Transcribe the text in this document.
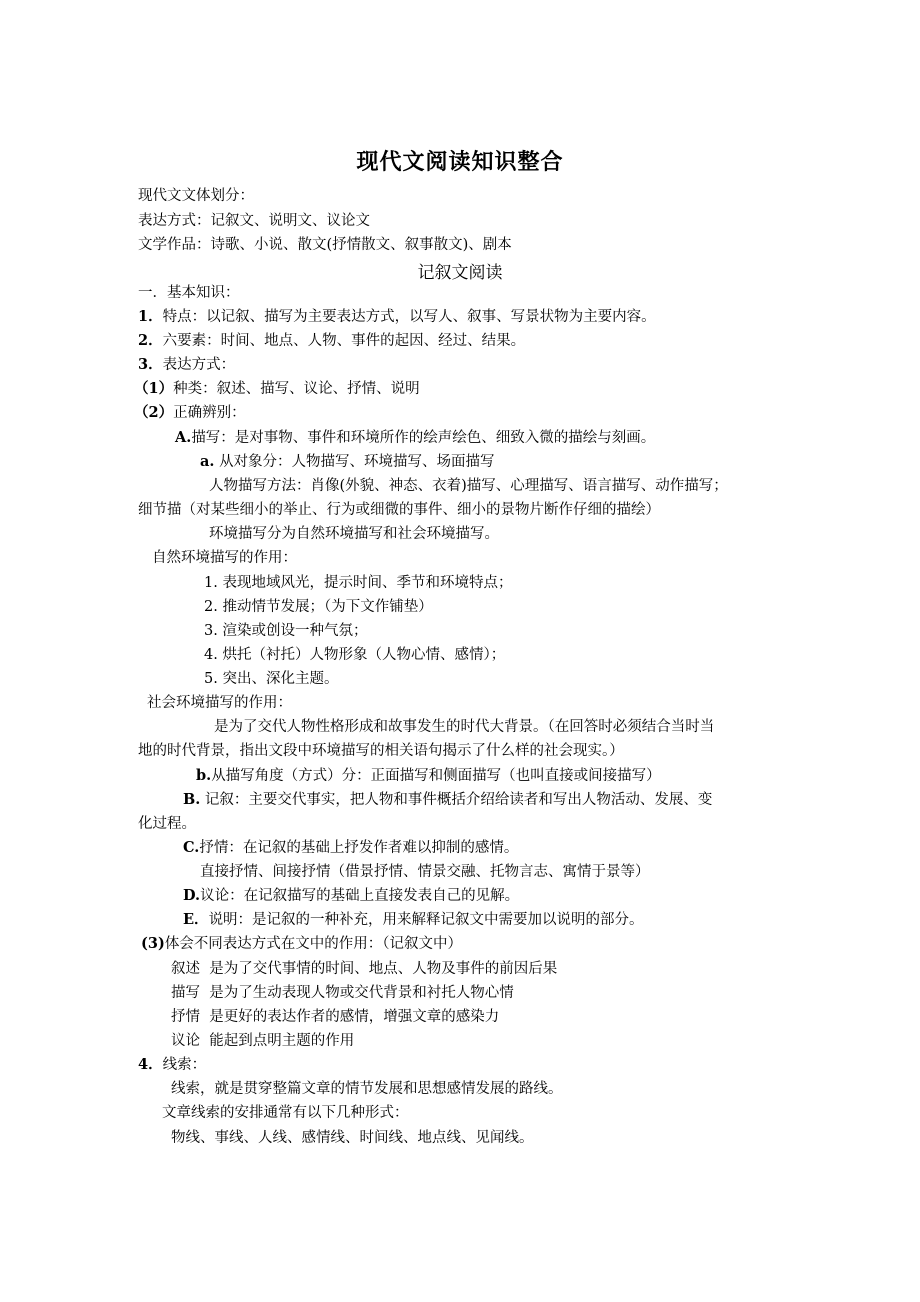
现代文阅读知识整合
现代文文体划分：
表达方式：记叙文、说明文、议论文
文学作品：诗歌、小说、散文(抒情散文、叙事散文)、剧本
记叙文阅读
一．基本知识：
1．特点：以记叙、描写为主要表达方式，以写人、叙事、写景状物为主要内容。
2．六要素：时间、地点、人物、事件的起因、经过、结果。
3．表达方式：
（1）种类：叙述、描写、议论、抒情、说明
（2）正确辨别：
A.描写：是对事物、事件和环境所作的绘声绘色、细致入微的描绘与刻画。
a. 从对象分：人物描写、环境描写、场面描写
人物描写方法：肖像(外貌、神态、衣着)描写、心理描写、语言描写、动作描写；
细节描（对某些细小的举止、行为或细微的事件、细小的景物片断作仔细的描绘）
环境描写分为自然环境描写和社会环境描写。
自然环境描写的作用：
1. 表现地域风光，提示时间、季节和环境特点；
2. 推动情节发展；（为下文作铺垫）
3. 渲染或创设一种气氛；
4. 烘托（衬托）人物形象（人物心情、感情）；
5. 突出、深化主题。
社会环境描写的作用：
是为了交代人物性格形成和故事发生的时代大背景。（在回答时必须结合当时当
地的时代背景，指出文段中环境描写的相关语句揭示了什么样的社会现实。）
b.从描写角度（方式）分：正面描写和侧面描写（也叫直接或间接描写）
B. 记叙：主要交代事实，把人物和事件概括介绍给读者和写出人物活动、发展、变
化过程。
C.抒情：在记叙的基础上抒发作者难以抑制的感情。
直接抒情、间接抒情（借景抒情、情景交融、托物言志、寓情于景等）
D.议论：在记叙描写的基础上直接发表自己的见解。
E．说明：是记叙的一种补充，用来解释记叙文中需要加以说明的部分。
(3)体会不同表达方式在文中的作用：（记叙文中）
叙述 是为了交代事情的时间、地点、人物及事件的前因后果
描写 是为了生动表现人物或交代背景和衬托人物心情
抒情 是更好的表达作者的感情，增强文章的感染力
议论 能起到点明主题的作用
4．线索：
线索，就是贯穿整篇文章的情节发展和思想感情发展的路线。
文章线索的安排通常有以下几种形式：
物线、事线、人线、感情线、时间线、地点线、见闻线。
